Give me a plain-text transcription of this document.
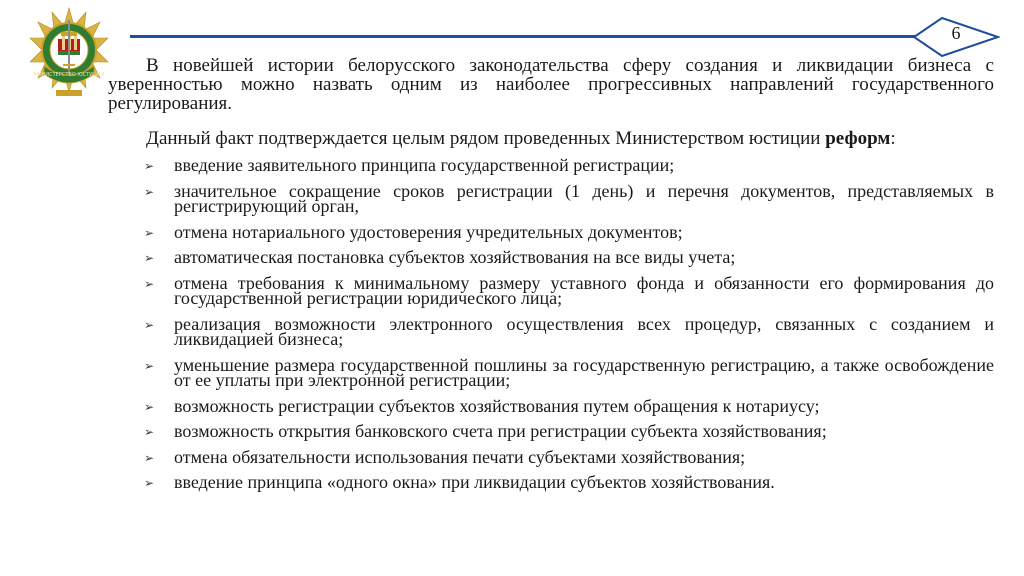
МИНИСТЕРСТВО ЮСТИЦИИ
6

В новейшей истории белорусского законодательства сферу создания и ликвидации бизнеса с уверенностью можно назвать одним из наиболее прогрессивных направлений государственного регулирования.

Данный факт подтверждается целым рядом проведенных Министерством юстиции реформ:

➢ введение заявительного принципа государственной регистрации;
➢ значительное сокращение сроков регистрации (1 день) и перечня документов, представляемых в регистрирующий орган,
➢ отмена нотариального удостоверения учредительных документов;
➢ автоматическая постановка субъектов хозяйствования на все виды учета;
➢ отмена требования к минимальному размеру уставного фонда и обязанности его формирования до государственной регистрации юридического лица;
➢ реализация возможности электронного осуществления всех процедур, связанных с созданием и ликвидацией бизнеса;
➢ уменьшение размера государственной пошлины за государственную регистрацию, а также освобождение от ее уплаты при электронной регистрации;
➢ возможность регистрации субъектов хозяйствования путем обращения к нотариусу;
➢ возможность открытия банковского счета при регистрации субъекта хозяйствования;
➢ отмена обязательности использования печати субъектами хозяйствования;
➢ введение принципа «одного окна» при ликвидации субъектов хозяйствования.
